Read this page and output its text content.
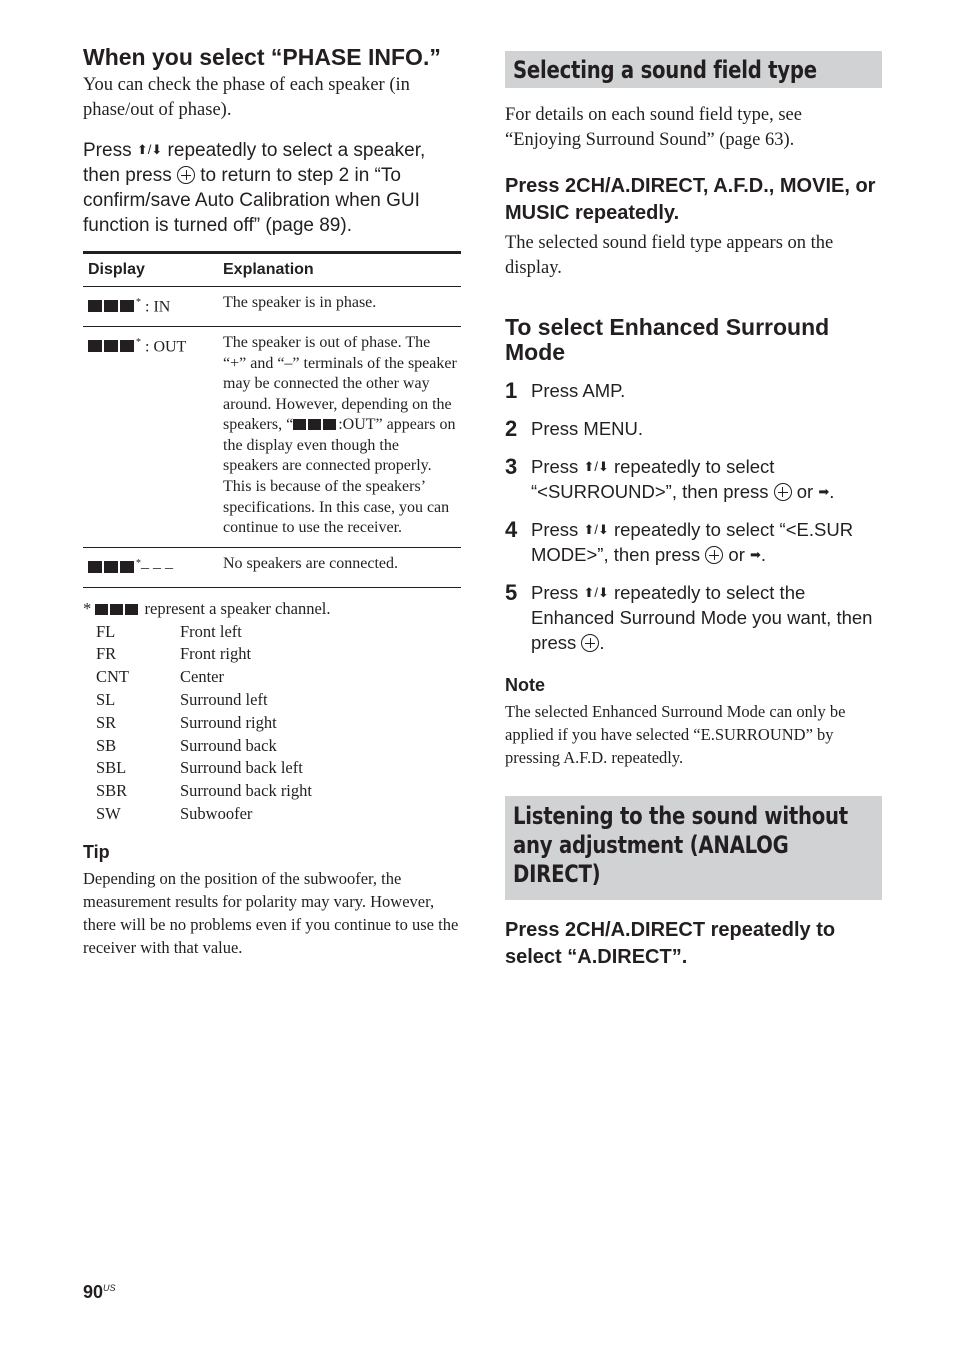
When you select “PHASE INFO.”

You can check the phase of each speaker (in phase/out of phase).

Press ⬆/⬇ repeatedly to select a speaker, then press  to return to step 2 in “To confirm/save Auto Calibration when GUI function is turned off” (page 89).

Display	Explanation
* : IN	The speaker is in phase.
* : OUT	The speaker is out of phase. The “+” and “–” terminals of the speaker may be connected the other way around. However, depending on the speakers, “ :OUT” appears on the display even though the speakers are connected properly. This is because of the speakers’ specifications. In this case, you can continue to use the receiver.
*– – –	No speakers are connected.
*	represent a speaker channel.
FL	Front left
FR	Front right
CNT	Center
SL	Surround left
SR	Surround right
SB	Surround back
SBL	Surround back left
SBR	Surround back right
SW	Subwoofer
Tip

Depending on the position of the subwoofer, the measurement results for polarity may vary. However, there will be no problems even if you continue to use the receiver with that value.

Selecting a sound field type

For details on each sound field type, see “Enjoying Surround Sound” (page 63).

Press 2CH/A.DIRECT, A.F.D., MOVIE, or MUSIC repeatedly.

The selected sound field type appears on the display.

To select Enhanced Surround Mode
1 Press AMP.
2 Press MENU.
3 Press ⬆/⬇ repeatedly to select “<SURROUND>”, then press  or ➡.
4 Press ⬆/⬇ repeatedly to select “<E.SUR MODE>”, then press  or ➡.
5 Press ⬆/⬇ repeatedly to select the Enhanced Surround Mode you want, then press .
Note

The selected Enhanced Surround Mode can only be applied if you have selected “E.SURROUND” by pressing A.F.D. repeatedly.

Listening to the sound without
any adjustment (ANALOG
DIRECT)

Press 2CH/A.DIRECT repeatedly to select “A.DIRECT”.

$90^{US}$
